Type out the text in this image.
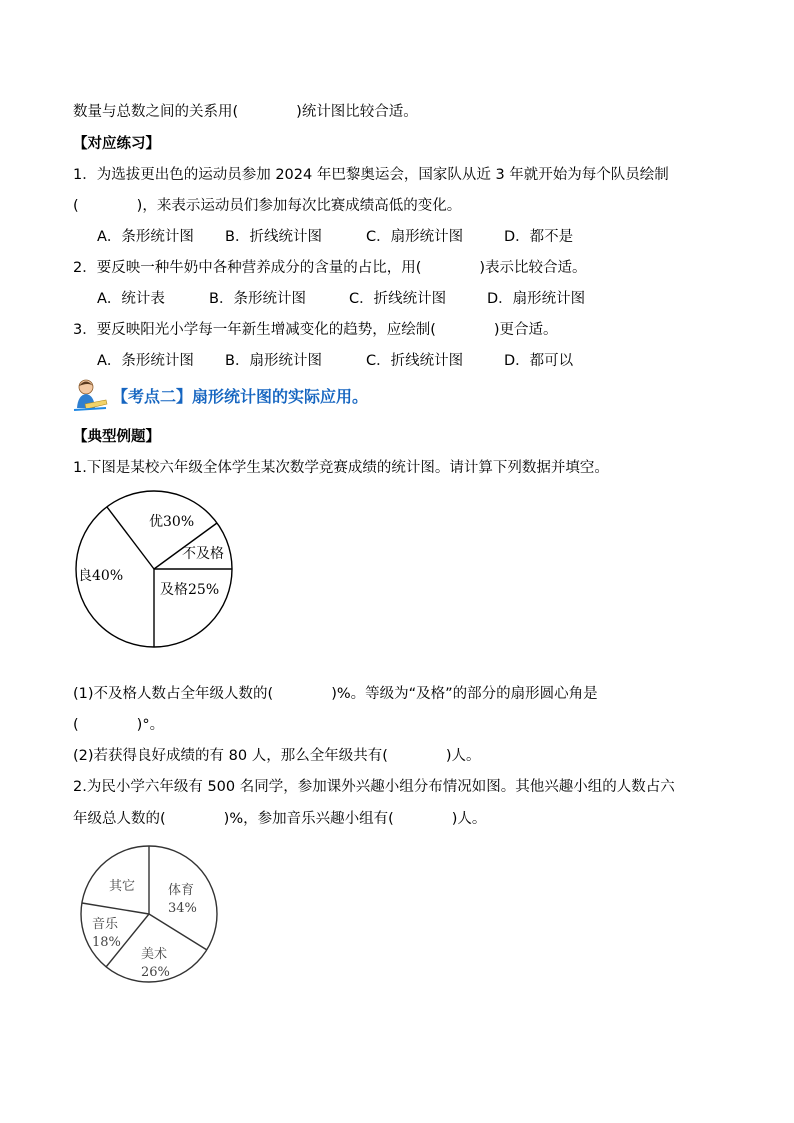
数量与总数之间的关系用(　　　　)统计图比较合适。
【对应练习】
1．为选拔更出色的运动员参加 2024 年巴黎奥运会，国家队从近 3 年就开始为每个队员绘制
(　　　　)，来表示运动员们参加每次比赛成绩高低的变化。
A．条形统计图 B．折线统计图	C．扇形统计图	D．都不是
2．要反映一种牛奶中各种营养成分的含量的占比，用(　　　　)表示比较合适。
A．统计表	B．条形统计图	C．折线统计图	D．扇形统计图
3．要反映阳光小学每一年新生增减变化的趋势，应绘制(　　　　)更合适。
A．条形统计图 B．扇形统计图	C．折线统计图	D．都可以
【考点二】扇形统计图的实际应用。
【典型例题】
1.下图是某校六年级全体学生某次数学竞赛成绩的统计图。请计算下列数据并填空。
优30%
不及格
及格25%
良40%
(1)不及格人数占全年级人数的(　　　　)%。等级为“及格”的部分的扇形圆心角是
(　　　　)°。
(2)若获得良好成绩的有 80 人，那么全年级共有(　　　　)人。
2.为民小学六年级有 500 名同学，参加课外兴趣小组分布情况如图。其他兴趣小组的人数占六
年级总人数的(　　　　)%，参加音乐兴趣小组有(　　　　)人。
体育
34%
美术
26%
音乐
18%
其它
